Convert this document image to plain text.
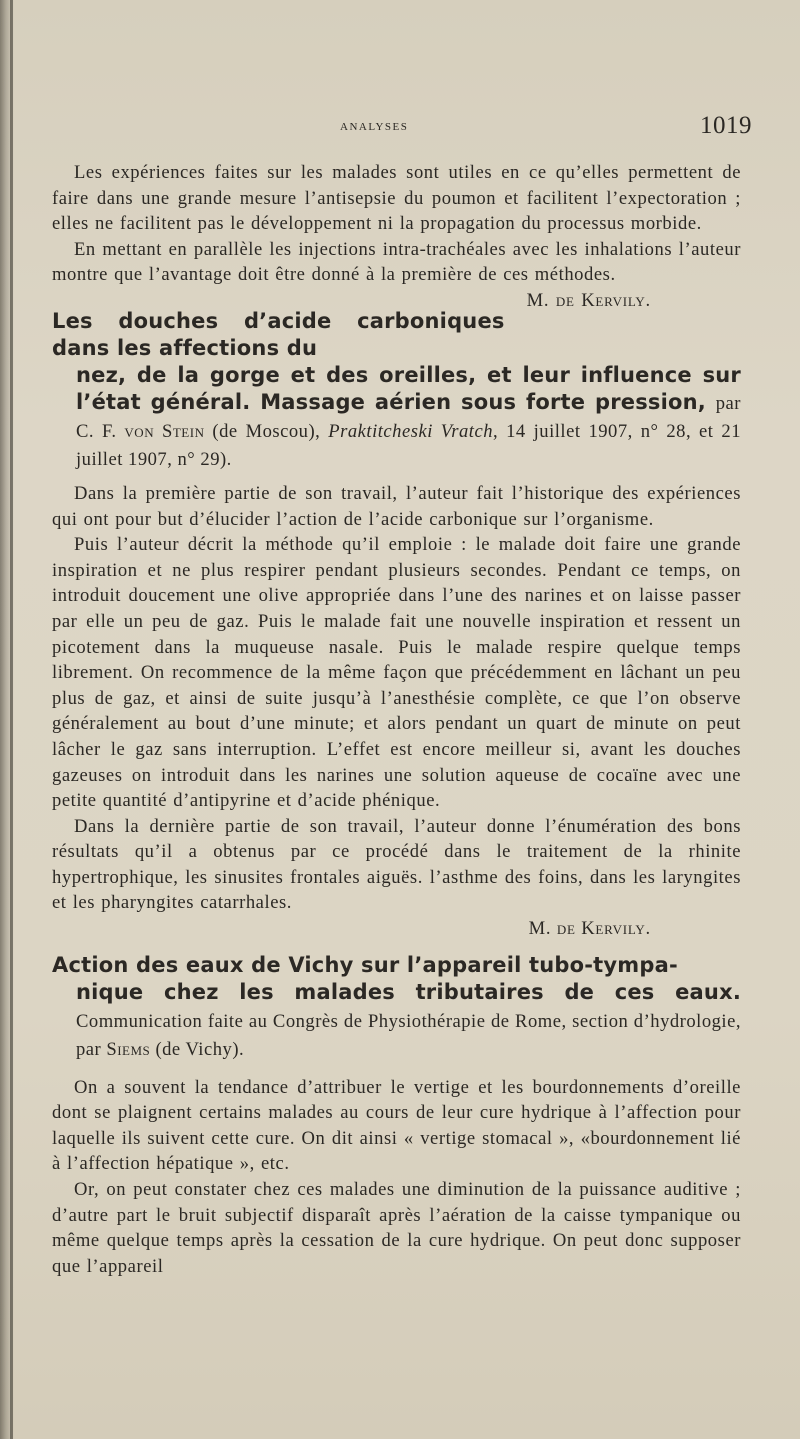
analyses	1019

Les expériences faites sur les malades sont utiles en ce qu’elles permettent de faire dans une grande mesure l’antisepsie du poumon et facilitent l’expectoration ; elles ne facilitent pas le développement ni la propagation du processus morbide.

En mettant en parallèle les injections intra-trachéales avec les inhalations l’auteur montre que l’avantage doit être donné à la première de ces méthodes.
M. de Kervily.

Les douches d’acide carboniques dans les affections du
nez, de la gorge et des oreilles, et leur influence sur l’état général. Massage aérien sous forte pression, par C. F. von Stein (de Moscou), Praktitcheski Vratch, 14 juillet 1907, n° 28, et 21 juillet 1907, n° 29).

Dans la première partie de son travail, l’auteur fait l’historique des expériences qui ont pour but d’élucider l’action de l’acide carbonique sur l’organisme.

Puis l’auteur décrit la méthode qu’il emploie : le malade doit faire une grande inspiration et ne plus respirer pendant plusieurs secondes. Pendant ce temps, on introduit doucement une olive appropriée dans l’une des narines et on laisse passer par elle un peu de gaz. Puis le malade fait une nouvelle inspiration et ressent un picotement dans la muqueuse nasale. Puis le malade respire quelque temps librement. On recommence de la même façon que précédemment en lâchant un peu plus de gaz, et ainsi de suite jusqu’à l’anesthésie complète, ce que l’on observe généralement au bout d’une minute; et alors pendant un quart de minute on peut lâcher le gaz sans interruption. L’effet est encore meilleur si, avant les douches gazeuses on introduit dans les narines une solution aqueuse de cocaïne avec une petite quantité d’antipyrine et d’acide phénique.

Dans la dernière partie de son travail, l’auteur donne l’énumération des bons résultats qu’il a obtenus par ce procédé dans le traitement de la rhinite hypertrophique, les sinusites frontales aiguës. l’asthme des foins, dans les laryngites et les pharyngites catarrhales.

M. de Kervily.
Action des eaux de Vichy sur l’appareil tubo-tympa-
nique chez les malades tributaires de ces eaux. Communication faite au Congrès de Physiothérapie de Rome, section d’hydrologie, par Siems (de Vichy).

On a souvent la tendance d’attribuer le vertige et les bourdonnements d’oreille dont se plaignent certains malades au cours de leur cure hydrique à l’affection pour laquelle ils suivent cette cure. On dit ainsi « vertige stomacal », «bourdonnement lié à l’affection hépatique », etc.

Or, on peut constater chez ces malades une diminution de la puissance auditive ; d’autre part le bruit subjectif disparaît après l’aération de la caisse tympanique ou même quelque temps après la cessation de la cure hydrique. On peut donc supposer que l’appareil
